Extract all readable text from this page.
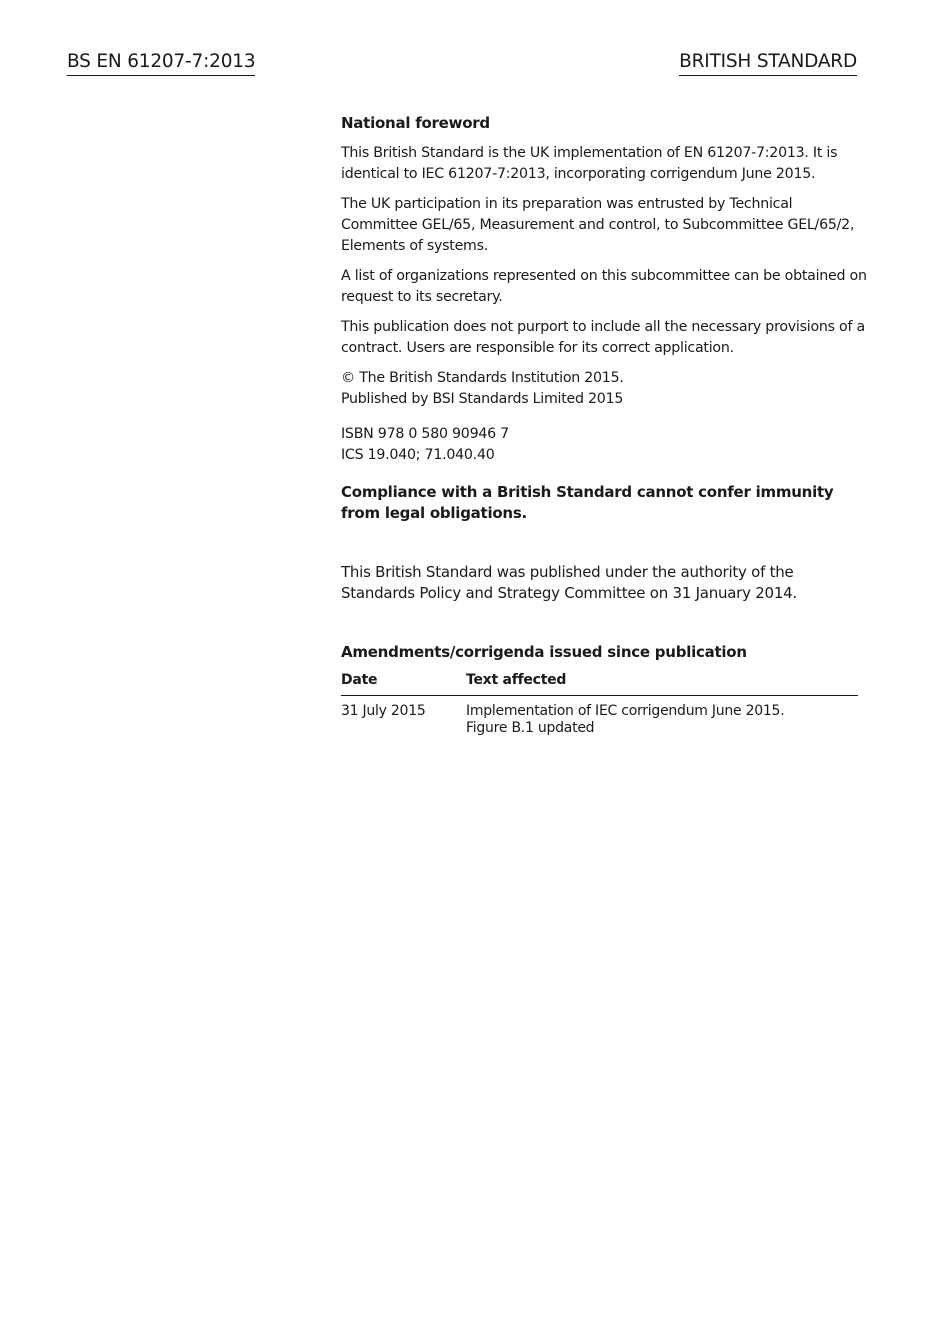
BS EN 61207-7:2013	BRITISH STANDARD

National foreword

This British Standard is the UK implementation of EN 61207-7:2013. It is identical to IEC 61207-7:2013, incorporating corrigendum June 2015.

The UK participation in its preparation was entrusted by Technical Committee GEL/65, Measurement and control, to Subcommittee GEL/65/2, Elements of systems.

A list of organizations represented on this subcommittee can be obtained on request to its secretary.

This publication does not purport to include all the necessary provisions of a contract. Users are responsible for its correct application.

© The British Standards Institution 2015.
Published by BSI Standards Limited 2015

ISBN 978 0 580 90946 7
ICS 19.040; 71.040.40

Compliance with a British Standard cannot confer immunity from legal obligations.

This British Standard was published under the authority of the Standards Policy and Strategy Committee on 31 January 2014.

Amendments/corrigenda issued since publication

Date	Text affected
31 July 2015	Implementation of IEC corrigendum June 2015.
Figure B.1 updated
